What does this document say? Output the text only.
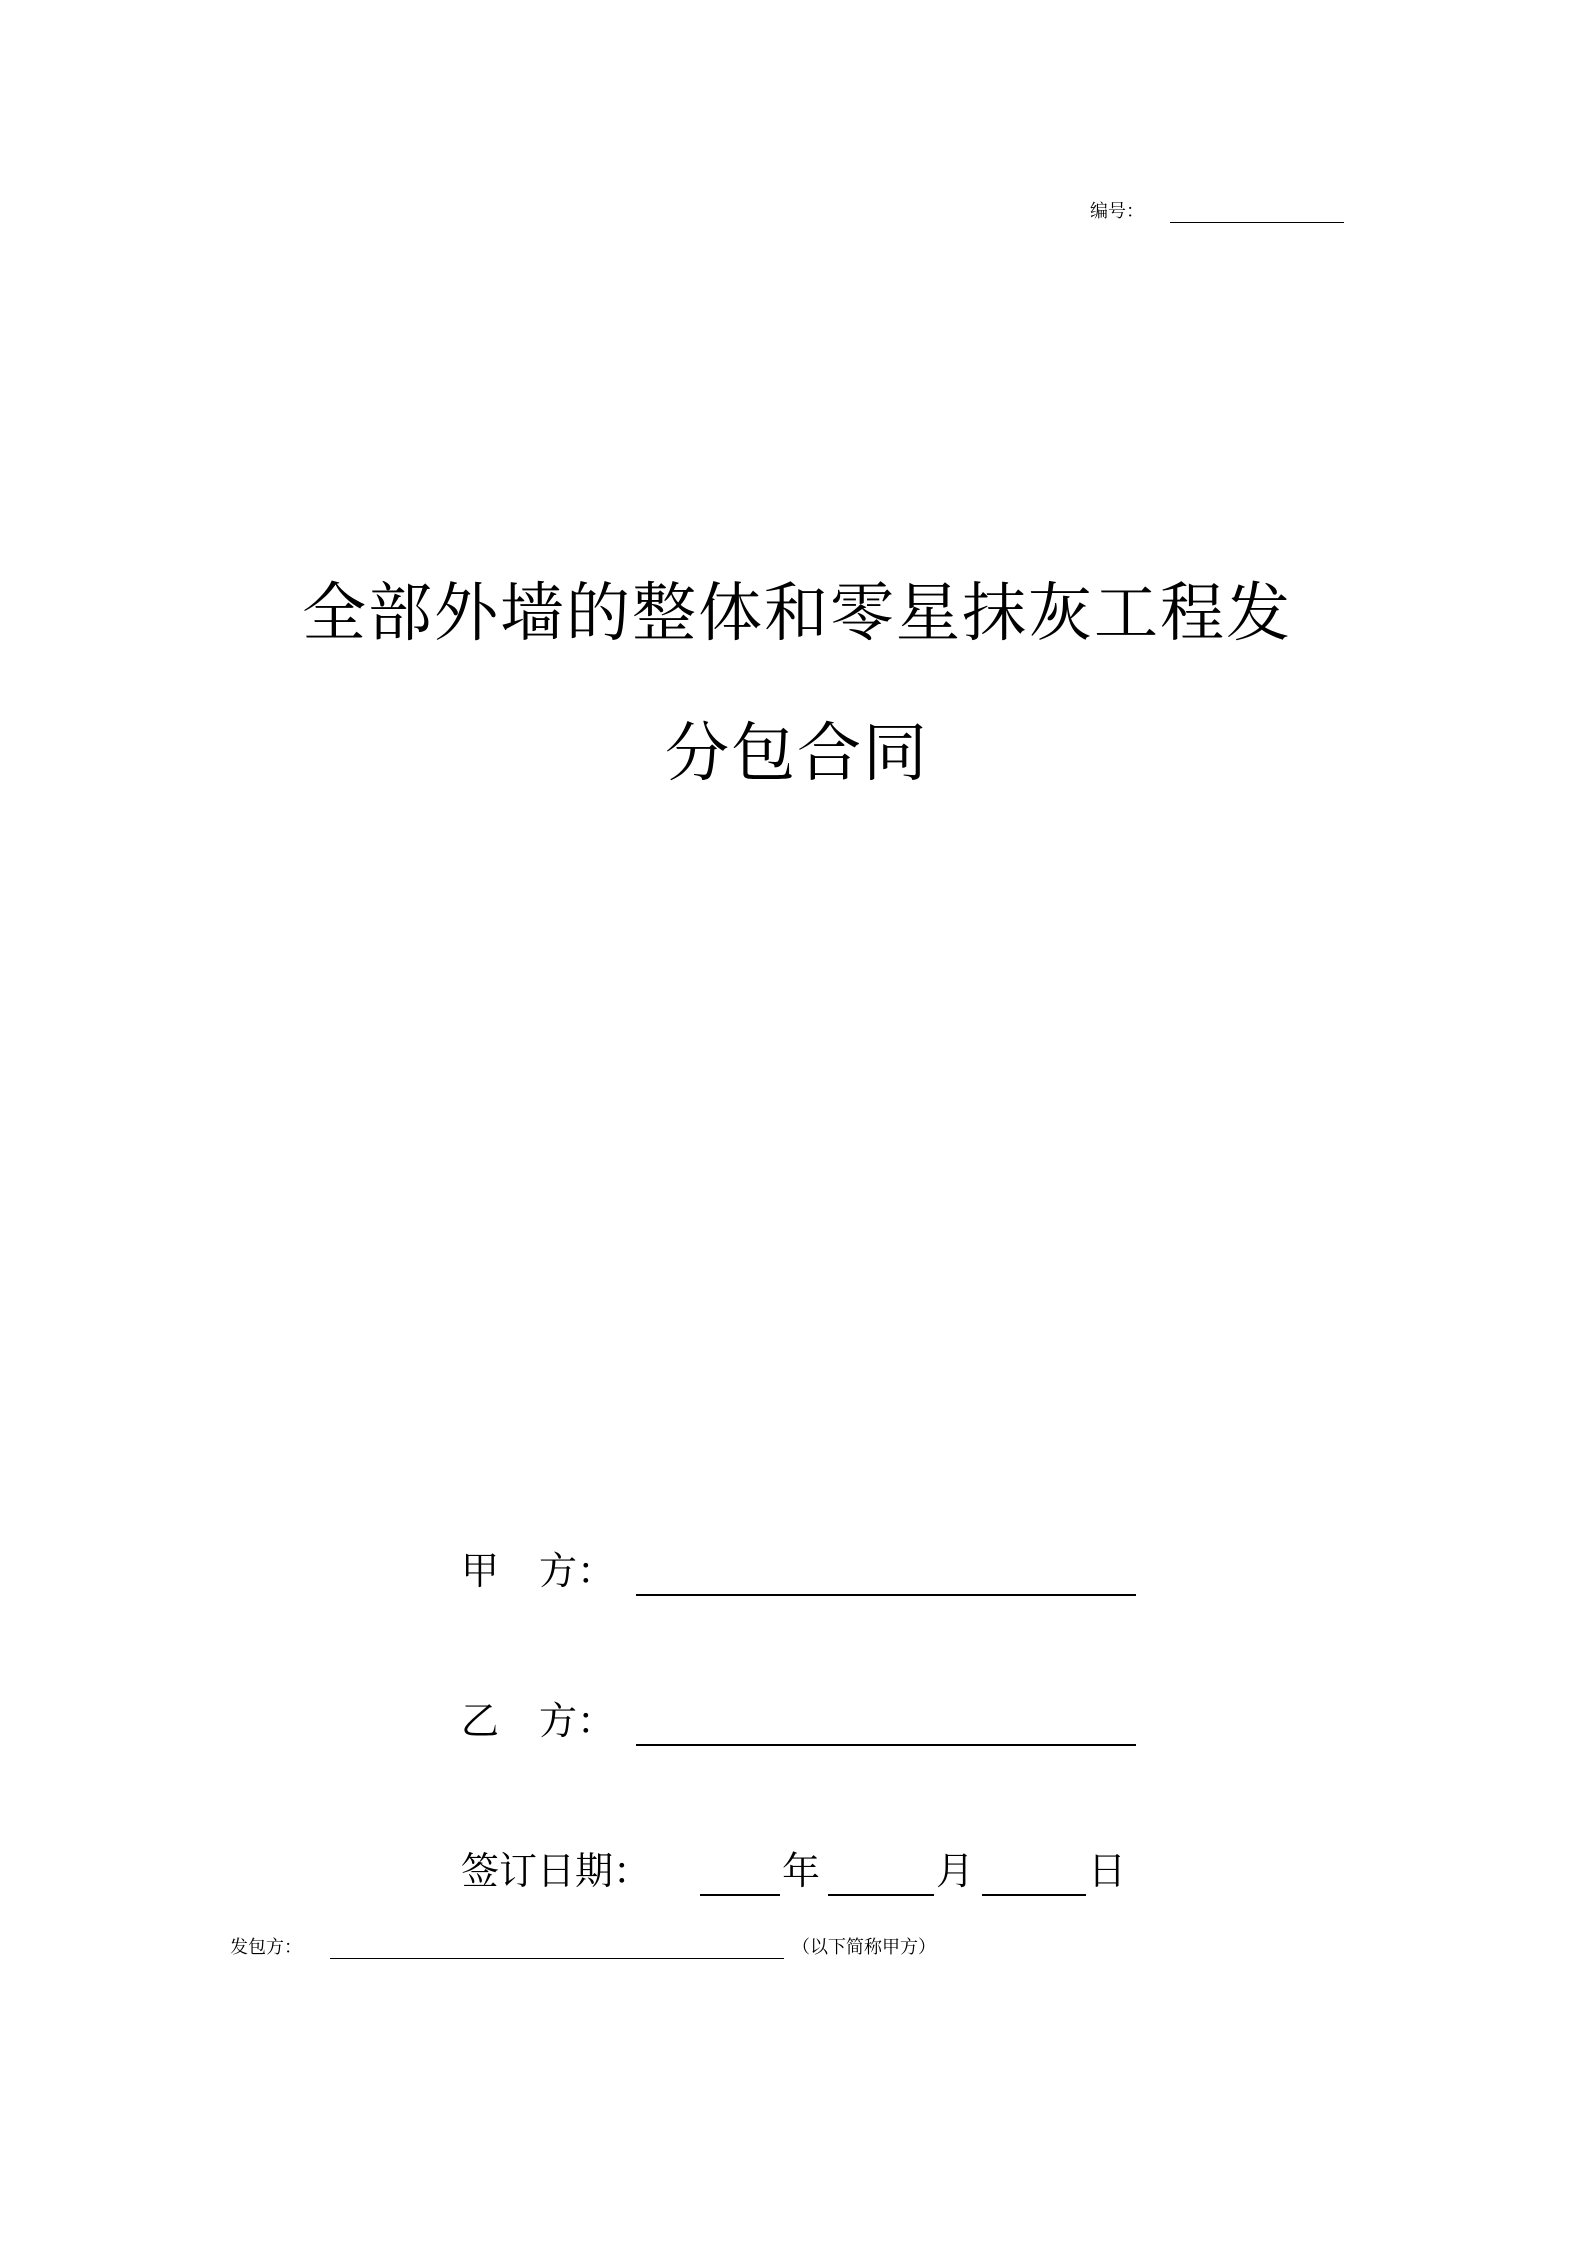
编号：
全部外墙的整体和零星抹灰工程发
分包合同
甲 方：
乙 方：
签订日期：	年	月	日
发包方：	（以下简称甲方）
